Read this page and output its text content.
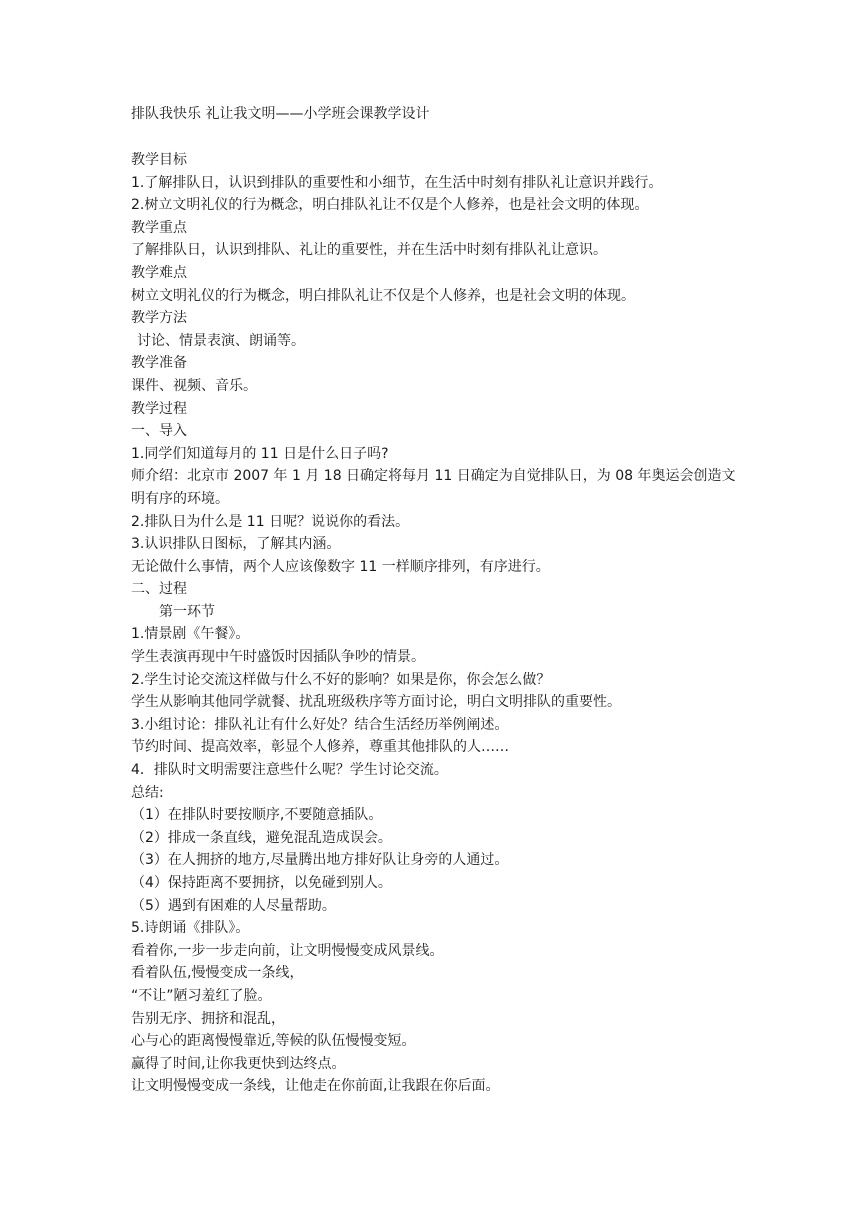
排队我快乐 礼让我文明——小学班会课教学设计
教学目标
1.了解排队日，认识到排队的重要性和小细节，在生活中时刻有排队礼让意识并践行。
2.树立文明礼仪的行为概念，明白排队礼让不仅是个人修养，也是社会文明的体现。
教学重点
了解排队日，认识到排队、礼让的重要性，并在生活中时刻有排队礼让意识。
教学难点
树立文明礼仪的行为概念，明白排队礼让不仅是个人修养，也是社会文明的体现。
教学方法
讨论、情景表演、朗诵等。
教学准备
课件、视频、音乐。
教学过程
一、导入
1.同学们知道每月的 11 日是什么日子吗?
师介绍：北京市 2007 年 1 月 18 日确定将每月 11 日确定为自觉排队日，为 08 年奥运会创造文明有序的环境。
2.排队日为什么是 11 日呢？说说你的看法。
3.认识排队日图标，了解其内涵。
无论做什么事情，两个人应该像数字 11 一样顺序排列，有序进行。
二、过程
第一环节
1.情景剧《午餐》。
学生表演再现中午时盛饭时因插队争吵的情景。
2.学生讨论交流这样做与什么不好的影响？如果是你，你会怎么做？
学生从影响其他同学就餐、扰乱班级秩序等方面讨论，明白文明排队的重要性。
3.小组讨论：排队礼让有什么好处？结合生活经历举例阐述。
节约时间、提高效率，彰显个人修养，尊重其他排队的人……
4．排队时文明需要注意些什么呢？学生讨论交流。
总结:
（1）在排队时要按顺序,不要随意插队。
（2）排成一条直线，避免混乱造成误会。
（3）在人拥挤的地方,尽量腾出地方排好队让身旁的人通过。
（4）保持距离不要拥挤，以免碰到别人。
（5）遇到有困难的人尽量帮助。
5.诗朗诵《排队》。
看着你,一步一步走向前，让文明慢慢变成风景线。
看着队伍,慢慢变成一条线，
“不让”陋习羞红了脸。
告别无序、拥挤和混乱，
心与心的距离慢慢靠近,等候的队伍慢慢变短。
赢得了时间,让你我更快到达终点。
让文明慢慢变成一条线，让他走在你前面,让我跟在你后面。
